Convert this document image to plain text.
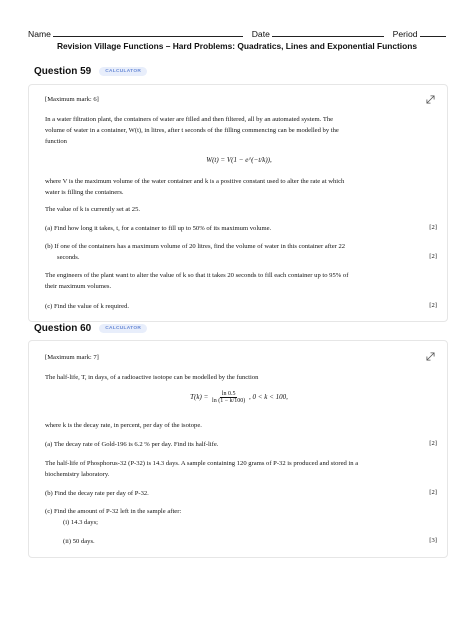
Name	Date	Period
Revision Village Functions – Hard Problems: Quadratics, Lines and Exponential Functions
Question 59	CALCULATOR
[Maximum mark: 6]
In a water filtration plant, the containers of water are filled and then filtered, all by an automated system. The
volume of water in a container, W(t), in litres, after t seconds of the filling commencing can be modelled by the
function
W(t) = V(1 − e^(−t/k)),
where V is the maximum volume of the water container and k is a positive constant used to alter the rate at which
water is filling the containers.
The value of k is currently set at 25.
(a) Find how long it takes, t, for a container to fill up to 50% of its maximum volume.	[2]
(b) If one of the containers has a maximum volume of 20 litres, find the volume of water in this container after 22
seconds.	[2]
The engineers of the plant want to alter the value of k so that it takes 20 seconds to fill each container up to 95% of
their maximum volumes.
(c) Find the value of k required.	[2]
Question 60	CALCULATOR
[Maximum mark: 7]
The half-life, T, in days, of a radioactive isotope can be modelled by the function
$T(k) = \frac{\ln 0.5}{\ln (1 - k/100)}$ , 0 < k < 100,
where k is the decay rate, in percent, per day of the isotope.
(a) The decay rate of Gold-196 is 6.2 % per day. Find its half-life.	[2]
The half-life of Phosphorus-32 (P-32) is 14.3 days. A sample containing 120 grams of P-32 is produced and stored in a
biochemistry laboratory.
(b) Find the decay rate per day of P-32.	[2]
(c) Find the amount of P-32 left in the sample after:
(i) 14.3 days;
(ii) 50 days.	[3]
